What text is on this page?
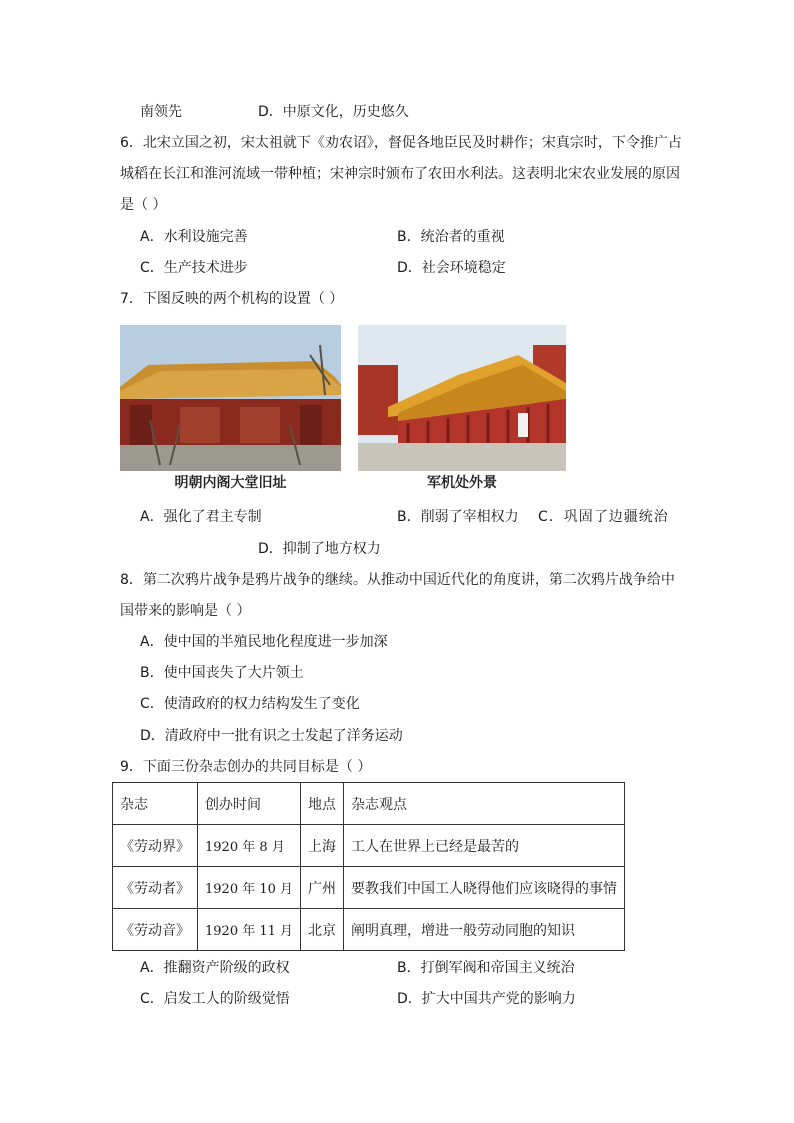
南领先	D．中原文化，历史悠久
6．北宋立国之初，宋太祖就下《劝农诏》，督促各地臣民及时耕作；宋真宗时，下令推广占
城稻在长江和淮河流域一带种植；宋神宗时颁布了农田水利法。这表明北宋农业发展的原因
是（ ）
A．水利设施完善	B．统治者的重视
C．生产技术进步	D．社会环境稳定
7．下图反映的两个机构的设置（ ）
明朝内阁大堂旧址	军机处外景
A．强化了君主专制	B．削弱了宰相权力 C．巩固了边疆统治
D．抑制了地方权力
8．第二次鸦片战争是鸦片战争的继续。从推动中国近代化的角度讲，第二次鸦片战争给中
国带来的影响是（ ）
A．使中国的半殖民地化程度进一步加深
B．使中国丧失了大片领土
C．使清政府的权力结构发生了变化
D．清政府中一批有识之士发起了洋务运动
9．下面三份杂志创办的共同目标是（ ）
杂志	创办时间	地点	杂志观点
《劳动界》	1920 年 8 月	上海	工人在世界上已经是最苦的
《劳动者》	1920 年 10 月	广州	要教我们中国工人晓得他们应该晓得的事情
《劳动音》	1920 年 11 月	北京	阐明真理，增进一般劳动同胞的知识
A．推翻资产阶级的政权	B．打倒军阀和帝国主义统治
C．启发工人的阶级觉悟	D．扩大中国共产党的影响力
